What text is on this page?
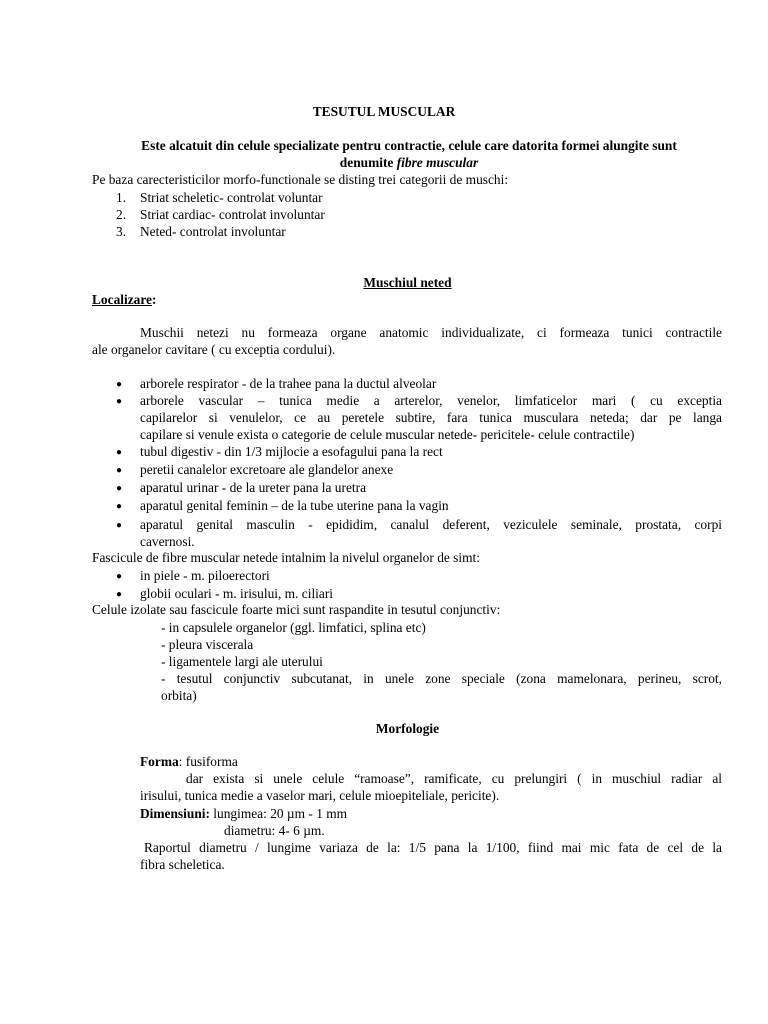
TESUTUL MUSCULAR
Este alcatuit din celule specializate pentru contractie, celule care datorita formei alungite sunt
denumite fibre muscular
Pe baza carecteristicilor morfo-functionale se disting trei categorii de muschi:
1. Striat scheletic- controlat voluntar
2. Striat cardiac- controlat involuntar
3. Neted- controlat involuntar
Muschiul neted
Localizare:
Muschii netezi nu formeaza organe anatomic individualizate, ci formeaza tunici contractile
ale organelor cavitare ( cu exceptia cordului).
● arborele respirator - de la trahee pana la ductul alveolar
● arborele vascular – tunica medie a arterelor, venelor, limfaticelor mari ( cu exceptia
capilarelor si venulelor, ce au peretele subtire, fara tunica musculara neteda; dar pe langa
capilare si venule exista o categorie de celule muscular netede- pericitele- celule contractile)
● tubul digestiv - din 1/3 mijlocie a esofagului pana la rect
● peretii canalelor excretoare ale glandelor anexe
● aparatul urinar - de la ureter pana la uretra
● aparatul genital feminin – de la tube uterine pana la vagin
● aparatul genital masculin - epididim, canalul deferent, veziculele seminale, prostata, corpi
cavernosi.
Fascicule de fibre muscular netede intalnim la nivelul organelor de simt:
● in piele - m. piloerectori
● globii oculari - m. irisului, m. ciliari
Celule izolate sau fascicule foarte mici sunt raspandite in tesutul conjunctiv:
- in capsulele organelor (ggl. limfatici, splina etc)
- pleura viscerala
- ligamentele largi ale uterului
- tesutul conjunctiv subcutanat, in unele zone speciale (zona mamelonara, perineu, scrot,
orbita)
Morfologie
Forma: fusiforma
dar exista si unele celule “ramoase”, ramificate, cu prelungiri ( in muschiul radiar al
irisului, tunica medie a vaselor mari, celule mioepiteliale, pericite).
Dimensiuni: lungimea: 20 µm - 1 mm
diametru: 4- 6 µm.
Raportul diametru / lungime variaza de la: 1/5 pana la 1/100, fiind mai mic fata de cel de la
fibra scheletica.
